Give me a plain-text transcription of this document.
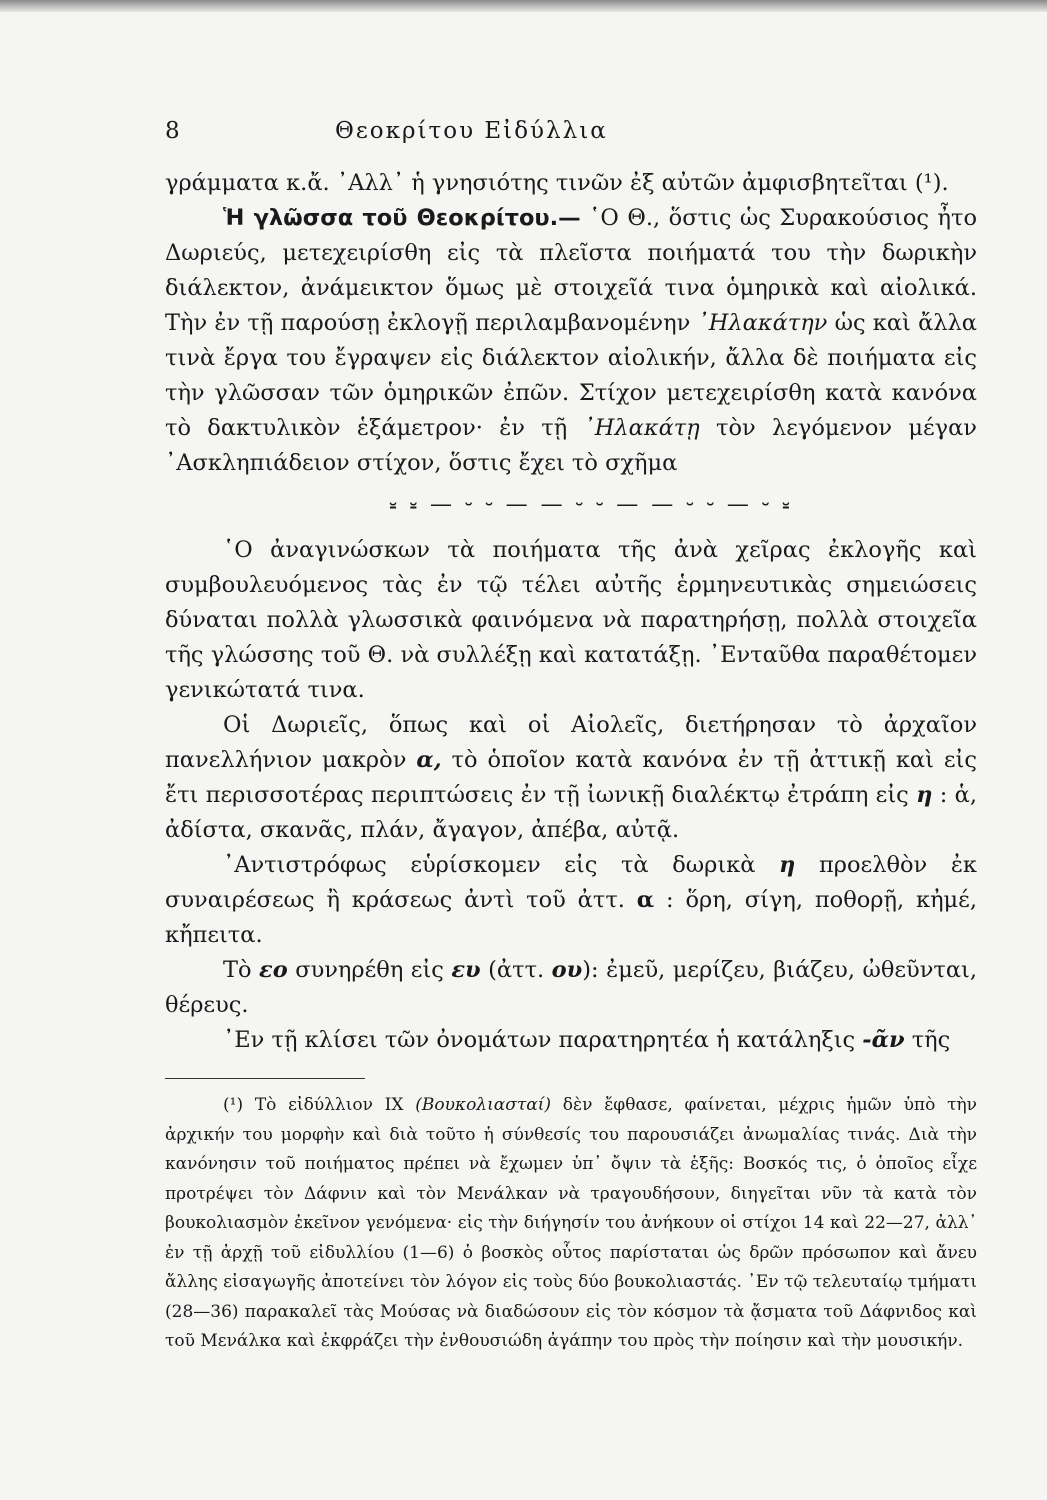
8	Θεοκρίτου Εἰδύλλια

γράμματα κ.ἄ. ᾿Αλλ᾿ ἡ γνησιότης τινῶν ἐξ αὐτῶν ἀμφισβητεῖται (¹).

Ἡ γλῶσσα τοῦ Θεοκρίτου.— ῾Ο Θ., ὅστις ὡς Συρακούσιος ἦτο Δωριεύς, μετεχειρίσθη εἰς τὰ πλεῖστα ποιήματά του τὴν δωρικὴν διάλεκτον, ἀνάμεικτον ὅμως μὲ στοιχεῖά τινα ὁμηρικὰ καὶ αἰολικά. Τὴν ἐν τῇ παρούσῃ ἐκλογῇ περιλαμβανομένην ᾿Ηλακάτην ὡς καὶ ἄλλα τινὰ ἔργα του ἔγραψεν εἰς διάλεκτον αἰολικήν, ἄλλα δὲ ποιήματα εἰς τὴν γλῶσσαν τῶν ὁμηρικῶν ἐπῶν. Στίχον μετεχειρίσθη κατὰ κανόνα τὸ δακτυλικὸν ἑξάμετρον· ἐν τῇ ᾿Ηλακάτῃ τὸν λεγόμενον μέγαν ᾿Ασκληπιάδειον στίχον, ὅστις ἔχει τὸ σχῆμα

⏓ ⏓ — ⏑ ⏑ — — ⏑ ⏑ — — ⏑ ⏑ — ⏑ ⏓

῾Ο ἀναγινώσκων τὰ ποιήματα τῆς ἀνὰ χεῖρας ἐκλογῆς καὶ συμβουλευόμενος τὰς ἐν τῷ τέλει αὐτῆς ἑρμηνευτικὰς σημειώσεις δύναται πολλὰ γλωσσικὰ φαινόμενα νὰ παρατηρήσῃ, πολλὰ στοιχεῖα τῆς γλώσσης τοῦ Θ. νὰ συλλέξῃ καὶ κατατάξῃ. ᾿Ενταῦθα παραθέτομεν γενικώτατά τινα.

Οἱ Δωριεῖς, ὅπως καὶ οἱ Αἰολεῖς, διετήρησαν τὸ ἀρχαῖον πανελλήνιον μακρὸν α, τὸ ὁποῖον κατὰ κανόνα ἐν τῇ ἀττικῇ καὶ εἰς ἔτι περισσοτέρας περιπτώσεις ἐν τῇ ἰωνικῇ διαλέκτῳ ἐτράπη εἰς η : ἁ, ἀδίστα, σκανᾶς, πλάν, ἄγαγον, ἀπέβα, αὐτᾷ.

᾿Αντιστρόφως εὑρίσκομεν εἰς τὰ δωρικὰ η προελθὸν ἐκ συναιρέσεως ἢ κράσεως ἀντὶ τοῦ ἀττ. α : ὅρη, σίγη, ποθορῇ, κἠμέ, κἤπειτα.

Τὸ εο συνηρέθη εἰς ευ (ἀττ. ου): ἐμεῦ, μερίζευ, βιάζευ, ὠθεῦνται, θέρευς.

᾿Εν τῇ κλίσει τῶν ὀνομάτων παρατηρητέα ἡ κατάληξις -ᾶν τῆς

(¹) Τὸ εἰδύλλιον IX (Βουκολιασταί) δὲν ἔφθασε, φαίνεται, μέχρις ἡμῶν ὑπὸ τὴν ἀρχικήν του μορφὴν καὶ διὰ τοῦτο ἡ σύνθεσίς του παρουσιάζει ἀνωμαλίας τινάς. Διὰ τὴν κανόνησιν τοῦ ποιήματος πρέπει νὰ ἔχωμεν ὑπ᾿ ὄψιν τὰ ἑξῆς: Βοσκός τις, ὁ ὁποῖος εἶχε προτρέψει τὸν Δάφνιν καὶ τὸν Μενάλκαν νὰ τραγουδήσουν, διηγεῖται νῦν τὰ κατὰ τὸν βουκολιασμὸν ἐκεῖνον γενόμενα· εἰς τὴν διήγησίν του ἀνήκουν οἱ στίχοι 14 καὶ 22—27, ἀλλ᾿ ἐν τῇ ἀρχῇ τοῦ εἰδυλλίου (1—6) ὁ βοσκὸς οὗτος παρίσταται ὡς δρῶν πρόσωπον καὶ ἄνευ ἄλλης εἰσαγωγῆς ἀποτείνει τὸν λόγον εἰς τοὺς δύο βουκολιαστάς. ᾿Εν τῷ τελευταίῳ τμήματι (28—36) παρακαλεῖ τὰς Μούσας νὰ διαδώσουν εἰς τὸν κόσμον τὰ ᾄσματα τοῦ Δάφνιδος καὶ τοῦ Μενάλκα καὶ ἐκφράζει τὴν ἐνθουσιώδη ἀγάπην του πρὸς τὴν ποίησιν καὶ τὴν μουσικήν.
